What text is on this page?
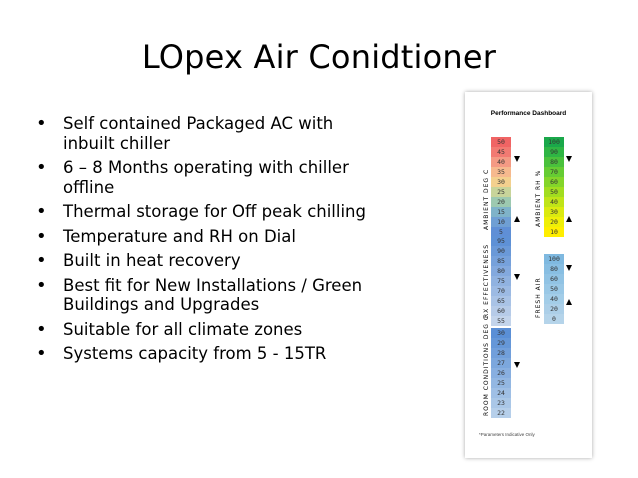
LOpex Air Conidtioner
• Self contained Packaged AC with inbuilt chiller
• 6 – 8 Months operating with chiller offline
• Thermal storage for Off peak chilling
• Temperature and RH on Dial
• Built in heat recovery
• Best fit for New Installations / Green Buildings and Upgrades
• Suitable for all climate zones
• Systems capacity from 5 - 15TR
Performance Dashboard
AMBIENT DEG C
50
45
40
35
30
25
20
15
10
5
AMBIENT RH %
100
90
80
70
60
50
40
30
20
10
RX EFFECTIVENESS
95
90
85
80
75
70
65
60
55
FRESH AIR
100
80
60
50
40
20
0
ROOM CONDITIONS DEG C	30
29
28
27
26
25
24
23
22
*Parameters Indicative Only
